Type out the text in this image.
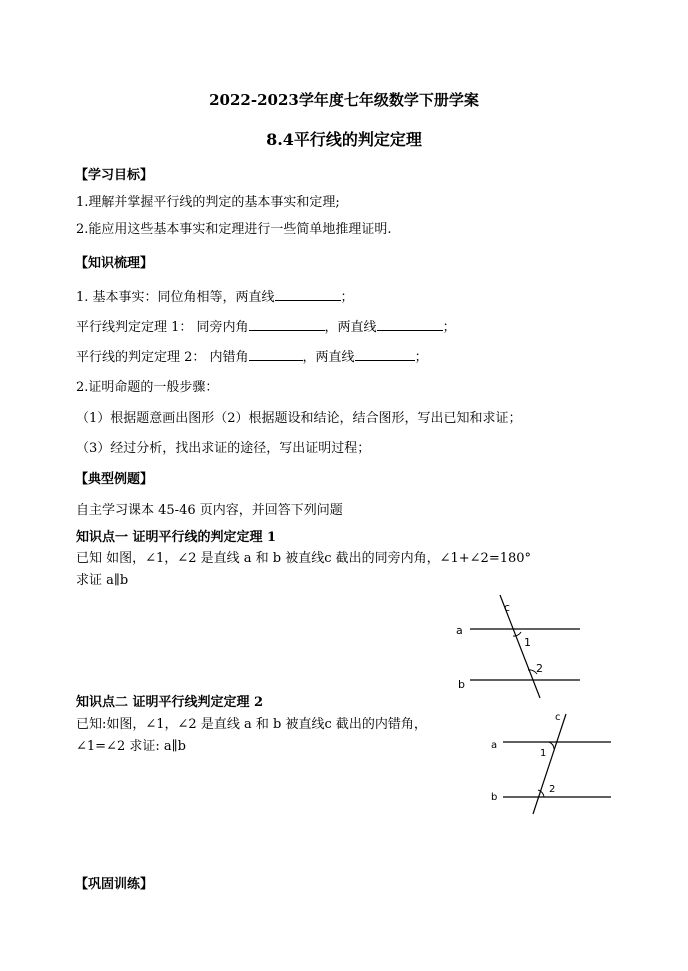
2022-2023学年度七年级数学下册学案
8.4平行线的判定定理
【学习目标】
1.理解并掌握平行线的判定的基本事实和定理;
2.能应用这些基本事实和定理进行一些简单地推理证明.
【知识梳理】
1. 基本事实：同位角相等，两直线	；
平行线判定定理 1： 同旁内角	，两直线	；
平行线的判定定理 2： 内错角	，两直线	；
2.证明命题的一般步骤：
（1）根据题意画出图形（2）根据题设和结论，结合图形，写出已知和求证；
（3）经过分析，找出求证的途径，写出证明过程；
【典型例题】
自主学习课本 45-46 页内容，并回答下列问题
知识点一 证明平行线的判定定理 1
已知 如图，∠1，∠2 是直线 a 和 b 被直线c 截出的同旁内角，∠1+∠2=180°
求证 a∥b
a
b
c
1
2
知识点二 证明平行线判定定理 2
已知:如图，∠1，∠2 是直线 a 和 b 被直线c 截出的内错角，
∠1=∠2 求证: a∥b	a
b
c
1
2
【巩固训练】
